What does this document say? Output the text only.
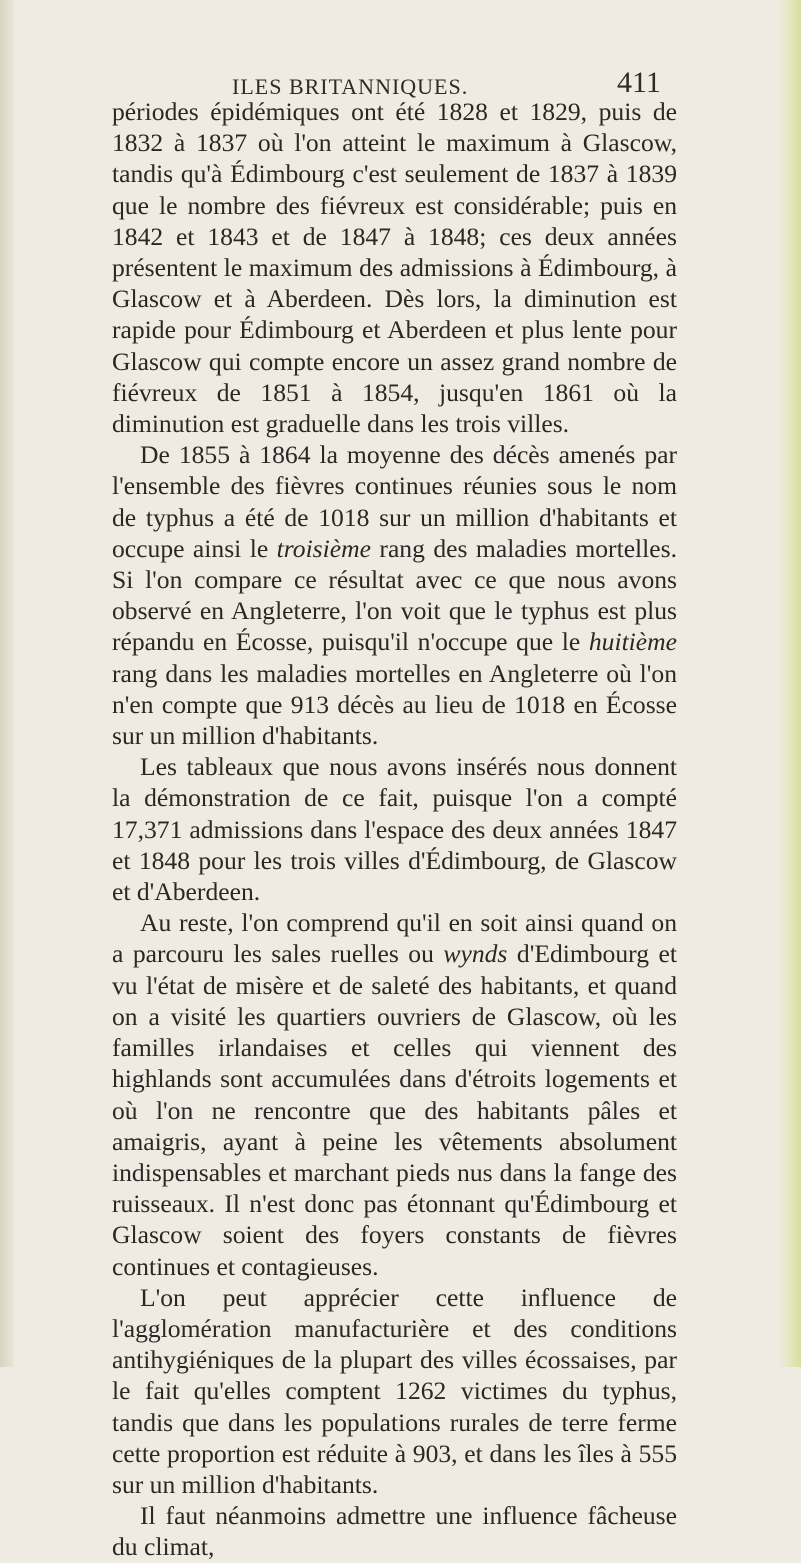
ILES BRITANNIQUES.	411

périodes épidémiques ont été 1828 et 1829, puis de 1832 à 1837 où l'on atteint le maximum à Glascow, tandis qu'à Édimbourg c'est seulement de 1837 à 1839 que le nombre des fiévreux est considérable; puis en 1842 et 1843 et de 1847 à 1848; ces deux années présentent le maximum des admissions à Édimbourg, à Glascow et à Aberdeen. Dès lors, la diminution est rapide pour Édimbourg et Aberdeen et plus lente pour Glascow qui compte encore un assez grand nombre de fiévreux de 1851 à 1854, jusqu'en 1861 où la diminution est graduelle dans les trois villes.

De 1855 à 1864 la moyenne des décès amenés par l'ensemble des fièvres continues réunies sous le nom de typhus a été de 1018 sur un million d'habitants et occupe ainsi le troisième rang des maladies mortelles. Si l'on compare ce résultat avec ce que nous avons observé en Angleterre, l'on voit que le typhus est plus répandu en Écosse, puisqu'il n'occupe que le huitième rang dans les maladies mortelles en Angleterre où l'on n'en compte que 913 décès au lieu de 1018 en Écosse sur un million d'habitants.

Les tableaux que nous avons insérés nous donnent la démonstration de ce fait, puisque l'on a compté 17,371 admissions dans l'espace des deux années 1847 et 1848 pour les trois villes d'Édimbourg, de Glascow et d'Aberdeen.

Au reste, l'on comprend qu'il en soit ainsi quand on a parcouru les sales ruelles ou wynds d'Edimbourg et vu l'état de misère et de saleté des habitants, et quand on a visité les quartiers ouvriers de Glascow, où les familles irlandaises et celles qui viennent des highlands sont accumulées dans d'étroits logements et où l'on ne rencontre que des habitants pâles et amaigris, ayant à peine les vêtements absolument indispensables et marchant pieds nus dans la fange des ruisseaux. Il n'est donc pas étonnant qu'Édimbourg et Glascow soient des foyers constants de fièvres continues et contagieuses.

L'on peut apprécier cette influence de l'agglomération manufacturière et des conditions antihygiéniques de la plupart des villes écossaises, par le fait qu'elles comptent 1262 victimes du typhus, tandis que dans les populations rurales de terre ferme cette proportion est réduite à 903, et dans les îles à 555 sur un million d'habitants.

Il faut néanmoins admettre une influence fâcheuse du climat,
